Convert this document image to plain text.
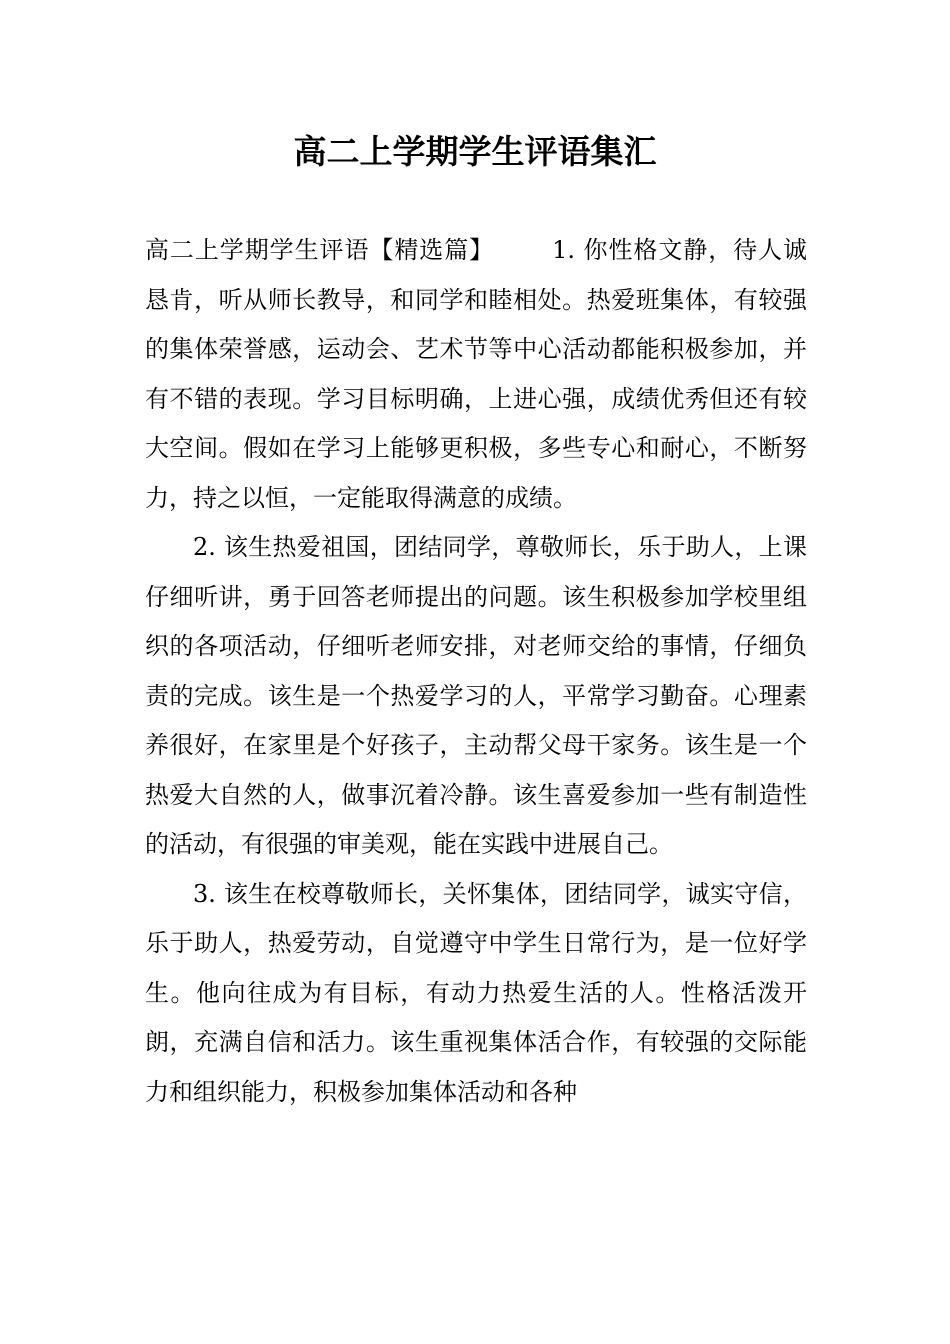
高二上学期学生评语集汇

高二上学期学生评语【精选篇】 1. 你性格文静，待人诚恳肯，听从师长教导，和同学和睦相处。热爱班集体，有较强的集体荣誉感，运动会、艺术节等中心活动都能积极参加，并有不错的表现。学习目标明确，上进心强，成绩优秀但还有较大空间。假如在学习上能够更积极，多些专心和耐心，不断努力，持之以恒，一定能取得满意的成绩。

2. 该生热爱祖国，团结同学，尊敬师长，乐于助人，上课仔细听讲，勇于回答老师提出的问题。该生积极参加学校里组织的各项活动，仔细听老师安排，对老师交给的事情，仔细负责的完成。该生是一个热爱学习的人，平常学习勤奋。心理素养很好，在家里是个好孩子，主动帮父母干家务。该生是一个热爱大自然的人，做事沉着冷静。该生喜爱参加一些有制造性的活动，有很强的审美观，能在实践中进展自己。

3. 该生在校尊敬师长，关怀集体，团结同学，诚实守信，乐于助人，热爱劳动，自觉遵守中学生日常行为，是一位好学生。他向往成为有目标，有动力热爱生活的人。性格活泼开朗，充满自信和活力。该生重视集体活合作，有较强的交际能力和组织能力，积极参加集体活动和各种
